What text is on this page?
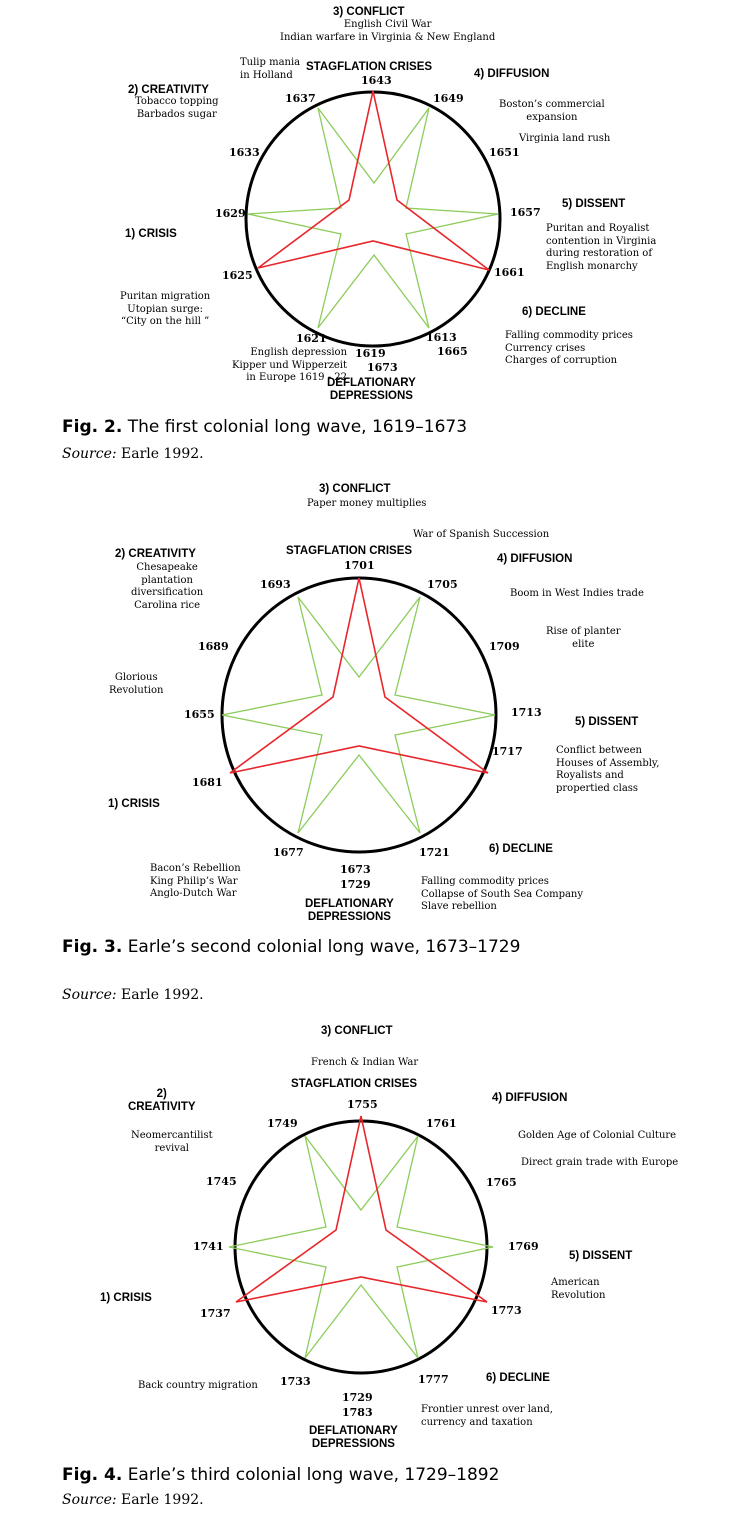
3) CONFLICT
English Civil War
Indian warfare in Virginia & New England
Tulip mania
in Holland
STAGFLATION CRISES
4) DIFFUSION
1643
2) CREATIVITY
Tobacco topping
Barbados sugar
1637	1649	Boston’s commercial
expansion
Virginia land rush
1633	1651
5) DISSENT
1629	1657
Puritan and Royalist
contention in Virginia
during restoration of
English monarchy
1) CRISIS
1625	1661
Puritan migration
Utopian surge:
“City on the hill ”
6) DECLINE
1621	1613	Falling commodity prices
Currency crises
Charges of corruption
1665
English depression
Kipper und Wipperzeit
in Europe 1619 - 22
1619
1673
DEFLATIONARY
DEPRESSIONS
Fig. 2. The first colonial long wave, 1619–1673
Source: Earle 1992.
3) CONFLICT
Paper money multiplies
War of Spanish Succession
STAGFLATION CRISES
2) CREATIVITY	4) DIFFUSION
1701
Chesapeake
plantation
diversification
Carolina rice
1693	1705
Boom in West Indies trade
Rise of planter
elite
1689	1709
Glorious
Revolution
1713
1655
5) DISSENT
Conflict between
Houses of Assembly,
Royalists and
propertied class
1717
1681
1) CRISIS
6) DECLINE
1677	1721
Bacon’s Rebellion
King Philip’s War
Anglo-Dutch War
1673
1729	Falling commodity prices
Collapse of South Sea Company
Slave rebellion
DEFLATIONARY
DEPRESSIONS
Fig. 3. Earle’s second colonial long wave, 1673–1729
Source: Earle 1992.
3) CONFLICT
French & Indian War
STAGFLATION CRISES
2)
CREATIVITY
4) DIFFUSION
1755
1749	1761
Golden Age of Colonial Culture
Neomercantilist
revival
Direct grain trade with Europe
1745	1765
1741	1769
5) DISSENT
American
Revolution
1) CRISIS
1773
1737
6) DECLINE
1733	1777
Back country migration
1729
Frontier unrest over land,
currency and taxation
1783
DEFLATIONARY
DEPRESSIONS
Fig. 4. Earle’s third colonial long wave, 1729–1892
Source: Earle 1992.
